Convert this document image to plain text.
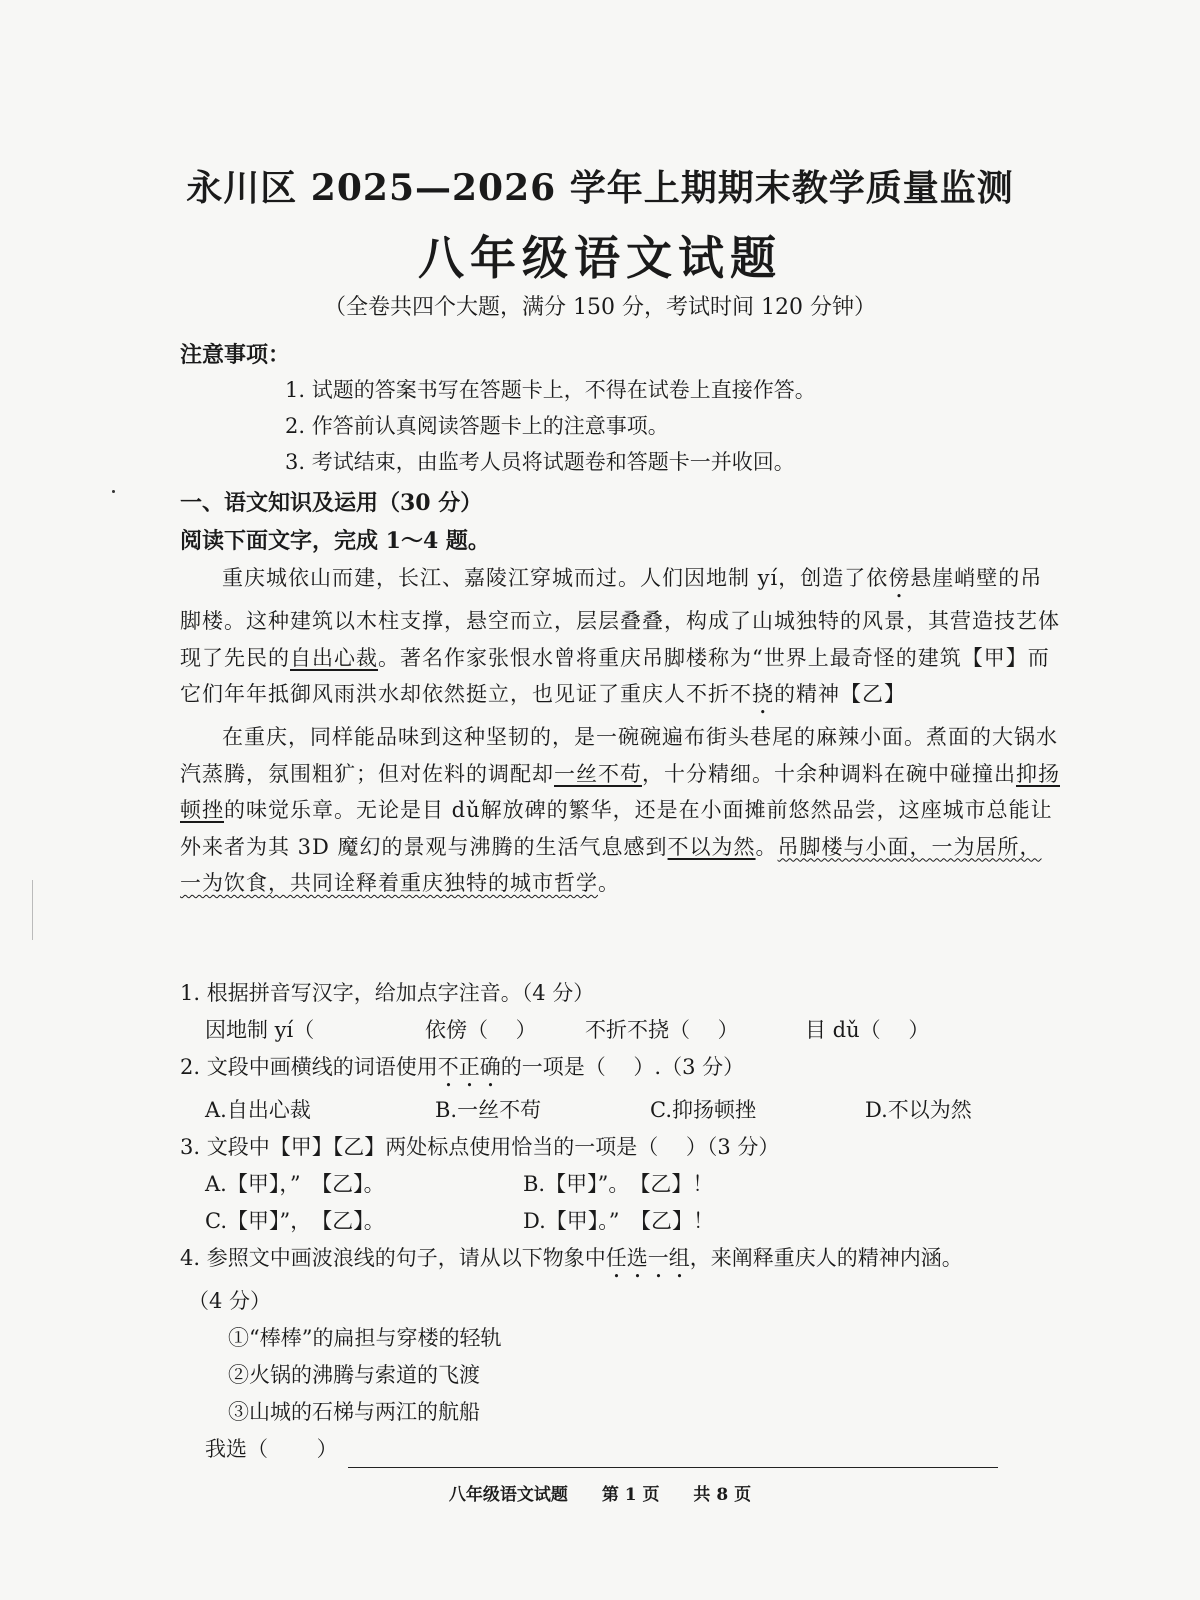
永川区 2025—2026 学年上期期末教学质量监测
八年级语文试题
（全卷共四个大题，满分 150 分，考试时间 120 分钟）
注意事项：
1. 试题的答案书写在答题卡上，不得在试卷上直接作答。
2. 作答前认真阅读答题卡上的注意事项。
3. 考试结束，由监考人员将试题卷和答题卡一并收回。
一、语文知识及运用（30 分）
阅读下面文字，完成 1～4 题。

重庆城依山而建，长江、嘉陵江穿城而过。人们因地制 yí，创造了依傍悬崖峭壁的吊脚楼。这种建筑以木柱支撑，悬空而立，层层叠叠，构成了山城独特的风景，其营造技艺体现了先民的自出心裁。著名作家张恨水曾将重庆吊脚楼称为“世界上最奇怪的建筑【甲】而它们年年抵御风雨洪水却依然挺立，也见证了重庆人不折不挠的精神【乙】

在重庆，同样能品味到这种坚韧的，是一碗碗遍布街头巷尾的麻辣小面。煮面的大锅水汽蒸腾，氛围粗犷；但对佐料的调配却一丝不苟，十分精细。十余种调料在碗中碰撞出抑扬顿挫的味觉乐章。无论是目 dǔ解放碑的繁华，还是在小面摊前悠然品尝，这座城市总能让外来者为其 3D 魔幻的景观与沸腾的生活气息感到不以为然。吊脚楼与小面，一为居所，一为饮食，共同诠释着重庆独特的城市哲学。

1. 根据拼音写汉字，给加点字注音。（4 分）
因地制 yí（	依傍（　 ）	不折不挠（　 ）	目 dǔ（　 ）
2. 文段中画横线的词语使用不正确的一项是（　 ）.（3 分）
A.自出心裁	B.一丝不苟	C.抑扬顿挫	D.不以为然
3. 文段中【甲】【乙】两处标点使用恰当的一项是（　 ）（3 分）
A.【甲】，”　【乙】。	B.【甲】”。　【乙】！
C.【甲】”，　【乙】。	D.【甲】。”　【乙】！
4. 参照文中画波浪线的句子，请从以下物象中任选一组，来阐释重庆人的精神内涵。
（4 分）
①“棒棒”的扁担与穿楼的轻轨
②火锅的沸腾与索道的飞渡
③山城的石梯与两江的航船
我选（　　 ）
八年级语文试题 第 1 页 共 8 页
